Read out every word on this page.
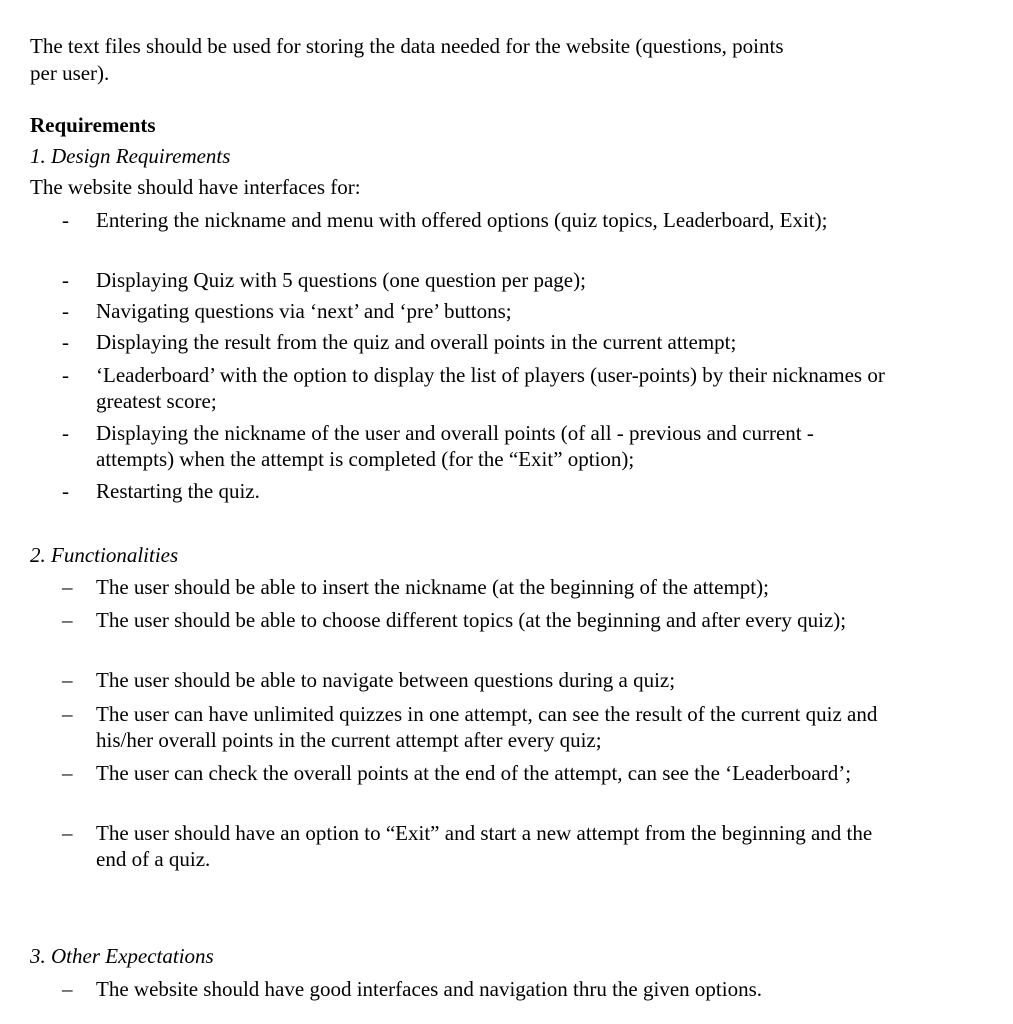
The text files should be used for storing the data needed for the website (questions, points
per user).
Requirements
1. Design Requirements
The website should have interfaces for:
-	Entering the nickname and menu with offered options (quiz topics, Leaderboard, Exit);
-	Displaying Quiz with 5 questions (one question per page);
-	Navigating questions via ‘next’ and ‘pre’ buttons;
-	Displaying the result from the quiz and overall points in the current attempt;
-	‘Leaderboard’ with the option to display the list of players (user-points) by their nicknames or greatest score;
-	Displaying the nickname of the user and overall points (of all - previous and current - attempts) when the attempt is completed (for the “Exit” option);
-	Restarting the quiz.
2. Functionalities
–	The user should be able to insert the nickname (at the beginning of the attempt);
–	The user should be able to choose different topics (at the beginning and after every quiz);
–	The user should be able to navigate between questions during a quiz;
–	The user can have unlimited quizzes in one attempt, can see the result of the current quiz and his/her overall points in the current attempt after every quiz;
–	The user can check the overall points at the end of the attempt, can see the ‘Leaderboard’;
–	The user should have an option to “Exit” and start a new attempt from the beginning and the end of a quiz.
3. Other Expectations
–	The website should have good interfaces and navigation thru the given options.
